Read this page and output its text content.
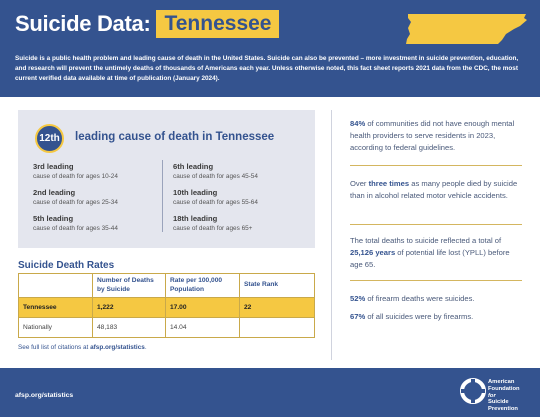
Suicide Data: Tennessee
Suicide is a public health problem and leading cause of death in the United States. Suicide can also be prevented – more investment in suicide prevention, education, and research will prevent the untimely deaths of thousands of Americans each year. Unless otherwise noted, this fact sheet reports 2021 data from the CDC, the most current verified data available at time of publication (January 2024).
12th	leading cause of death in Tennessee
3rd leading
cause of death for ages 10-24
2nd leading
cause of death for ages 25-34
5th leading
cause of death for ages 35-44
6th leading
cause of death for ages 45-54
10th leading
cause of death for ages 55-64
18th leading
cause of death for ages 65+
Suicide Death Rates
	Number of Deaths by Suicide	Rate per 100,000 Population	State Rank
Tennessee	1,222	17.00	22
Nationally	48,183	14.04	
See full list of citations at afsp.org/statistics.
84% of communities did not have enough mental health providers to serve residents in 2023, according to federal guidelines.
Over three times as many people died by suicide than in alcohol related motor vehicle accidents.
The total deaths to suicide reflected a total of 25,126 years of potential life lost (YPLL) before age 65.
52% of firearm deaths were suicides.
67% of all suicides were by firearms.
afsp.org/statistics
American
Foundation
for
Suicide
Prevention
